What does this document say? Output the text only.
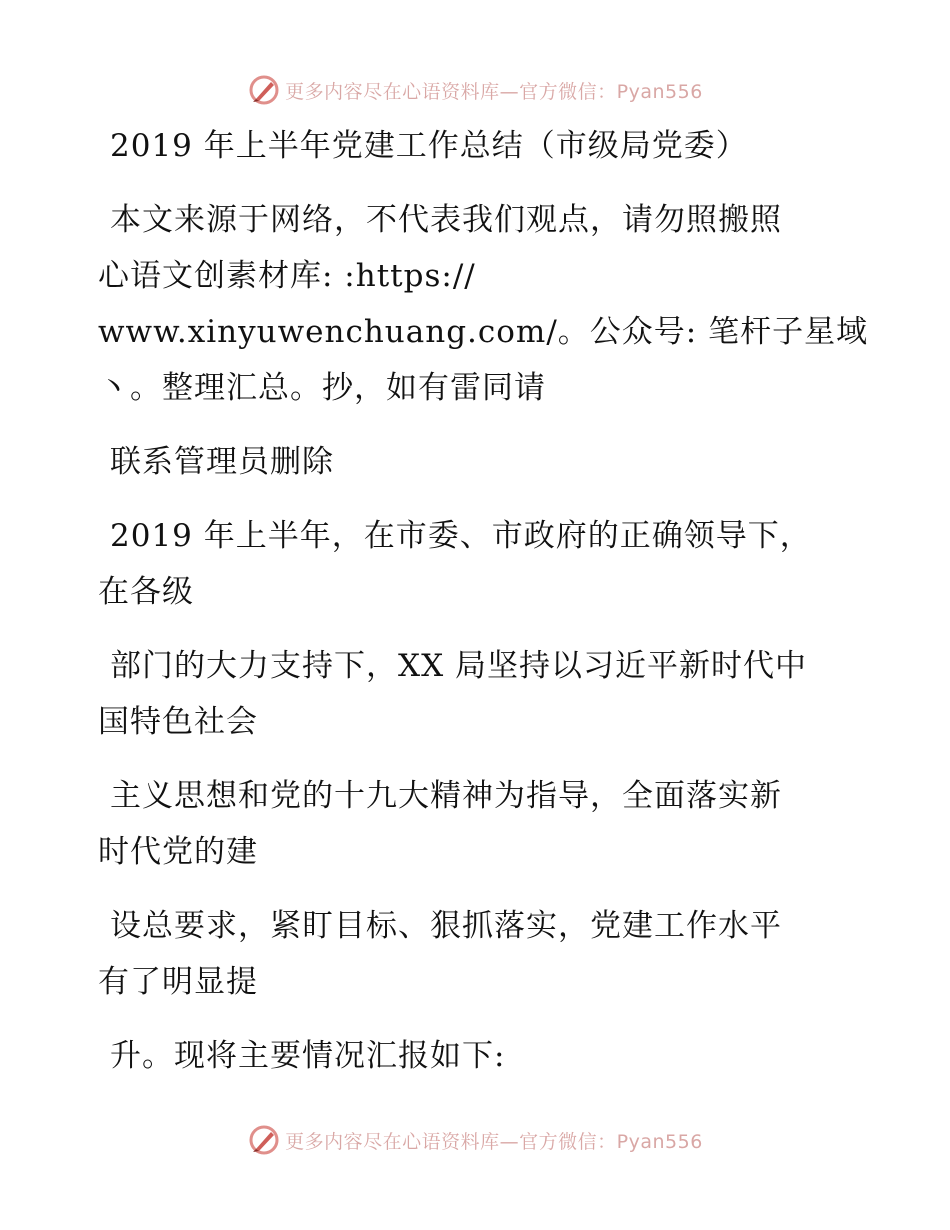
更多内容尽在心语资料库—官方微信：Pyan556

2019 年上半年党建工作总结（市级局党委）

本文来源于网络，不代表我们观点，请勿照搬照

心语文创素材库: :https://

www.xinyuwenchuang.com/。公众号: 笔杆子星域

丶。整理汇总。抄，如有雷同请

联系管理员删除

2019 年上半年，在市委、市政府的正确领导下，

在各级

部门的大力支持下，XX 局坚持以习近平新时代中

国特色社会

主义思想和党的十九大精神为指导，全面落实新

时代党的建

设总要求，紧盯目标、狠抓落实，党建工作水平

有了明显提

升。现将主要情况汇报如下:

更多内容尽在心语资料库—官方微信：Pyan556
